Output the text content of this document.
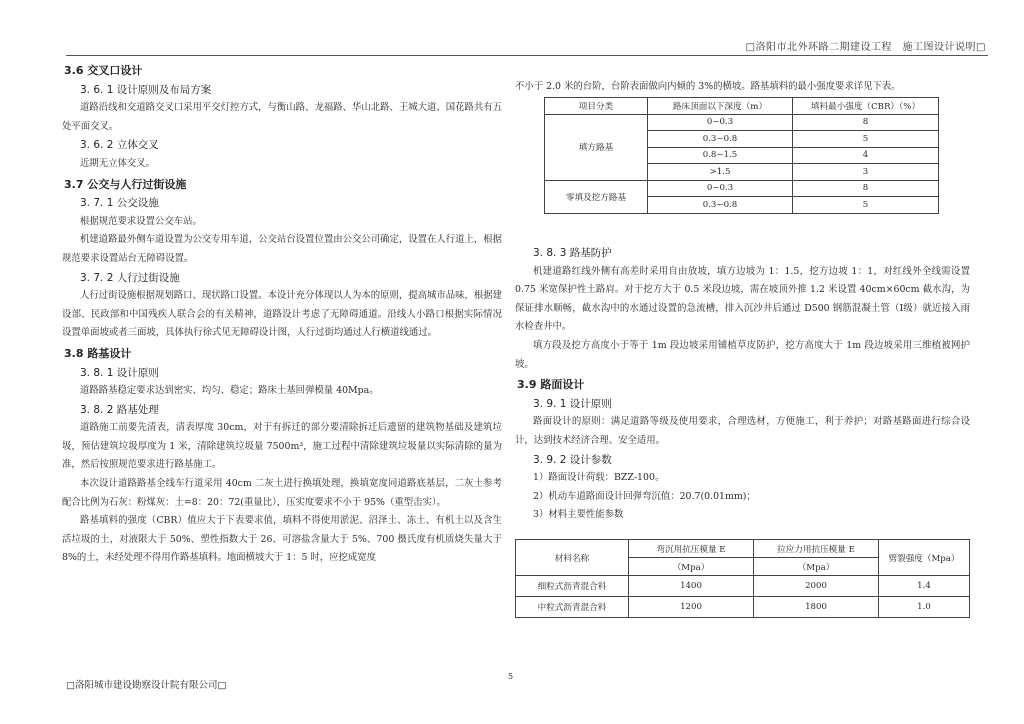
□洛阳市北外环路二期建设工程　施工图设计说明□
3.6 交叉口设计
3. 6. 1 设计原则及布局方案
道路沿线和交道路交叉口采用平交灯控方式，与衡山路、龙福路、华山北路、王城大道、国花路共有五处平面交叉。
3. 6. 2 立体交叉
近期无立体交叉。
3.7 公交与人行过街设施
3. 7. 1 公交设施
根据规范要求设置公交车站。
机建道路最外侧车道设置为公交专用车道，公交站台设置位置由公交公司确定，设置在人行道上，根据规范要求设置站台无障碍设置。
3. 7. 2 人行过街设施
人行过街设施根据规划路口、现状路口设置。本设计充分体现以人为本的原则，提高城市品味，根据建设部、民政部和中国残疾人联合会的有关精神，道路设计考虑了无障碍通道。沿线人小路口根据实际情况设置单面坡或者三面坡，具体执行徐式见无障碍设计图，人行过街均通过人行横道线通过。
3.8 路基设计
3. 8. 1 设计原则
道路路基稳定要求达到密实、均匀、稳定；路床土基回弹模量 40Mpa。
3. 8. 2 路基处理
道路施工前要先清表，清表厚度 30cm，对于有拆迁的部分要清除拆迁后遗留的建筑物基础及建筑垃圾，预估建筑垃圾厚度为 1 米，清除建筑垃圾量 7500m³，施工过程中清除建筑垃圾量以实际清除的量为准，然后按照规范要求进行路基施工。
本次设计道路路基全线车行道采用 40cm 二灰土进行换填处理，换填宽度同道路底基层，二灰土参考配合比例为石灰：粉煤灰：土=8：20：72(重量比），压实度要求不小于 95%（重型击实）。
路基填料的强度（CBR）值应大于下表要求值，填料不得使用淤泥、沼泽土、冻土、有机土以及含生活垃圾的土，对液限大于 50%、塑性指数大于 26、可溶盐含量大于 5%、700 摄氏度有机质烧失量大于 8%的土，未经处理不得用作路基填料。地面横坡大于 1：5 时，应挖成宽度
不小于 2.0 米的台阶，台阶表面做向内倾的 3%的横坡。路基填料的最小强度要求详见下表。
项目分类	路床顶面以下深度（m）	填料最小强度（CBR）（%）
填方路基	0~0.3	8
	0.3~0.8	5
	0.8~1.5	4
	>1.5	3
零填及挖方路基	0~0.3	8
	0.3~0.8	5
3. 8. 3 路基防护
机建道路红线外侧有高差时采用自由放坡，填方边坡为 1：1.5，挖方边坡 1：1，对红线外全线需设置 0.75 米宽保护性土路肩。对于挖方大于 0.5 米段边坡，需在坡顶外推 1.2 米设置 40cm×60cm 截水沟，为保证排水顺畅，截水沟中的水通过设置的急流槽，排入沉沙井后通过 D500 钢筋混凝土管（I级）就近接入雨水检查井中。
填方段及挖方高度小于等于 1m 段边坡采用铺植草皮防护，挖方高度大于 1m 段边坡采用三维植被网护坡。
3.9 路面设计
3. 9. 1 设计原则
路面设计的原则：满足道路等级及使用要求，合理选材，方便施工，利于养护；对路基路面进行综合设计，达到技术经济合理、安全适用。
3. 9. 2 设计参数
1）路面设计荷载：BZZ-100。
2）机动车道路面设计回弹弯沉值：20.7(0.01mm)；
3）材料主要性能参数
材料名称	弯沉用抗压模量 E	拉应力用抗压模量 E	劈裂强度（Mpa）
	（Mpa）	（Mpa）	
细粒式沥青混合料	1400	2000	1.4
中粒式沥青混合料	1200	1800	1.0
□洛阳城市建设勘察设计院有限公司□
5
